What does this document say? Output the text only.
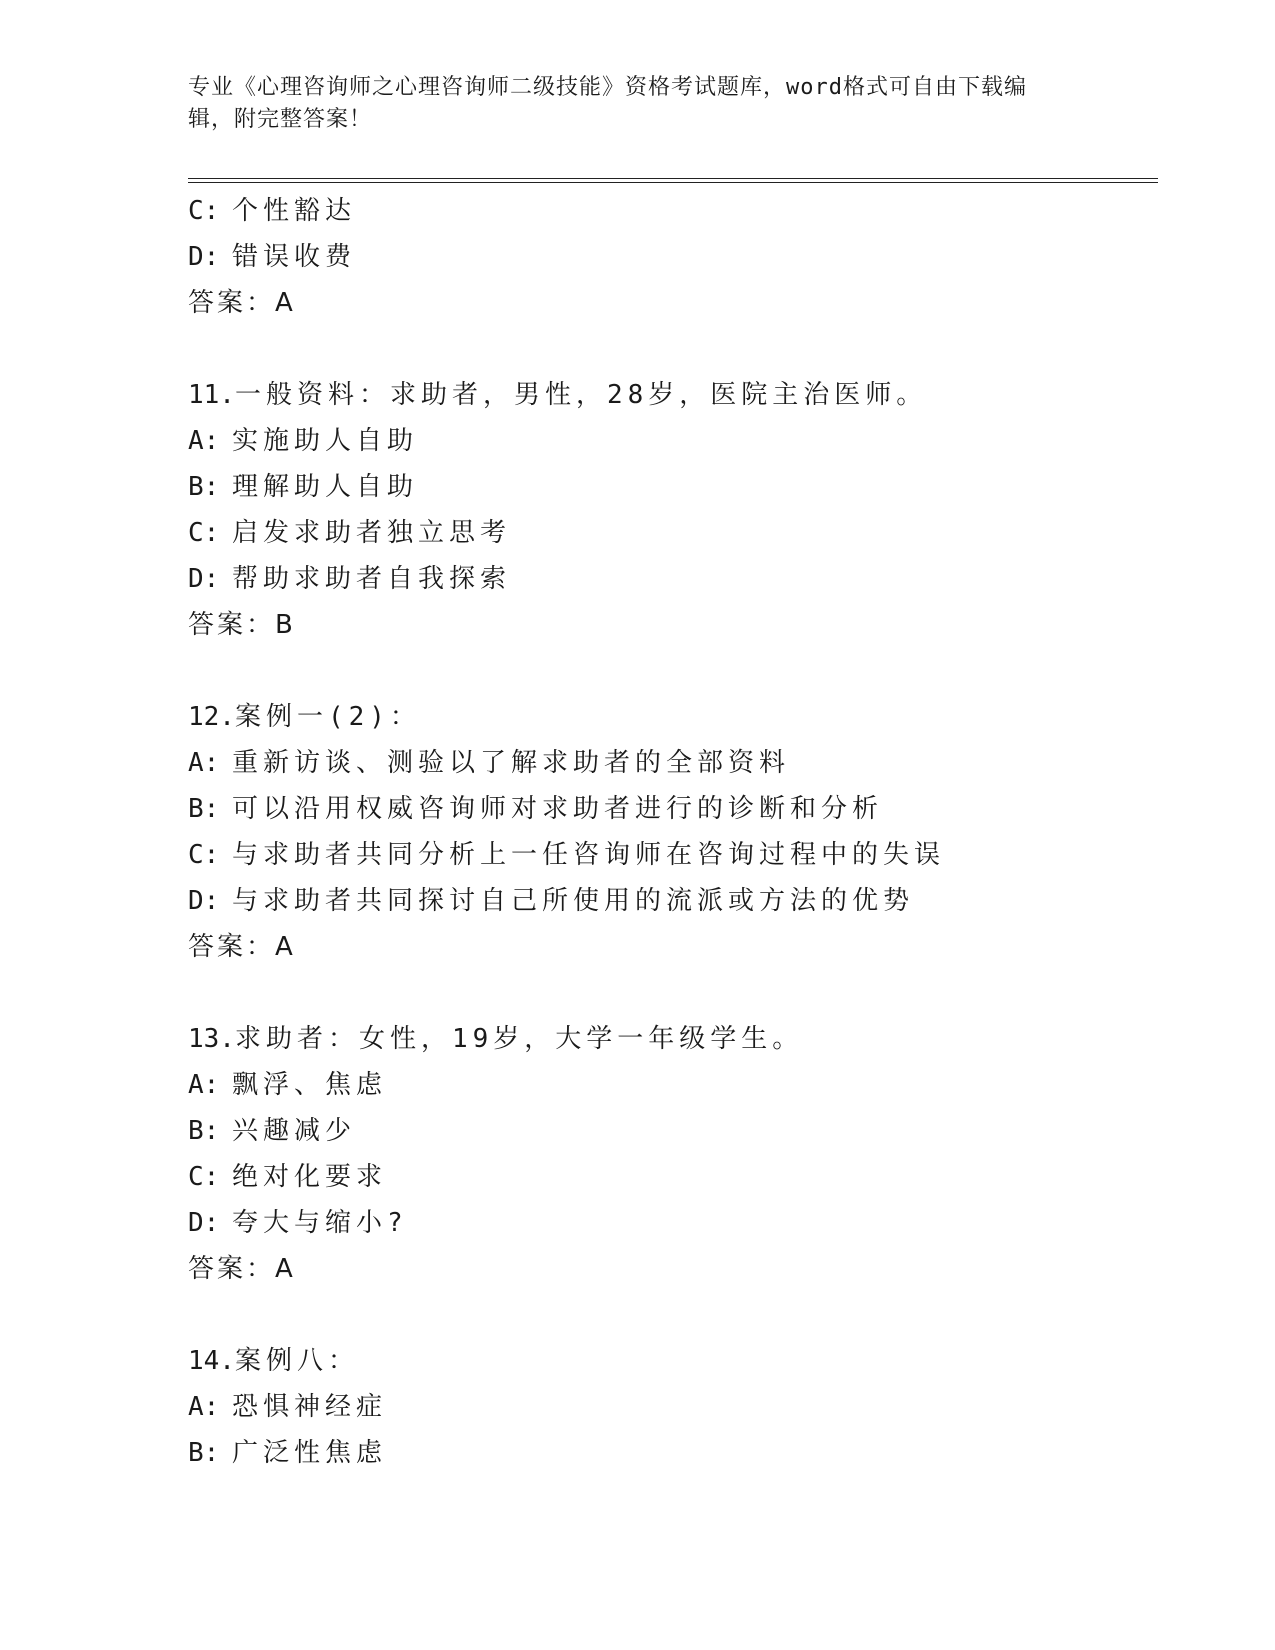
专业《心理咨询师之心理咨询师二级技能》资格考试题库，word格式可自由下载编辑，附完整答案！
C: 个性豁达
D: 错误收费
答案：A
11.一般资料：求助者，男性，28岁，医院主治医师。
A: 实施助人自助
B: 理解助人自助
C: 启发求助者独立思考
D: 帮助求助者自我探索
答案：B
12.案例一(2)：
A: 重新访谈、测验以了解求助者的全部资料
B: 可以沿用权威咨询师对求助者进行的诊断和分析
C: 与求助者共同分析上一任咨询师在咨询过程中的失误
D: 与求助者共同探讨自己所使用的流派或方法的优势
答案：A
13.求助者：女性，19岁，大学一年级学生。
A: 飘浮、焦虑
B: 兴趣减少
C: 绝对化要求
D: 夸大与缩小?
答案：A
14.案例八：
A: 恐惧神经症
B: 广泛性焦虑
